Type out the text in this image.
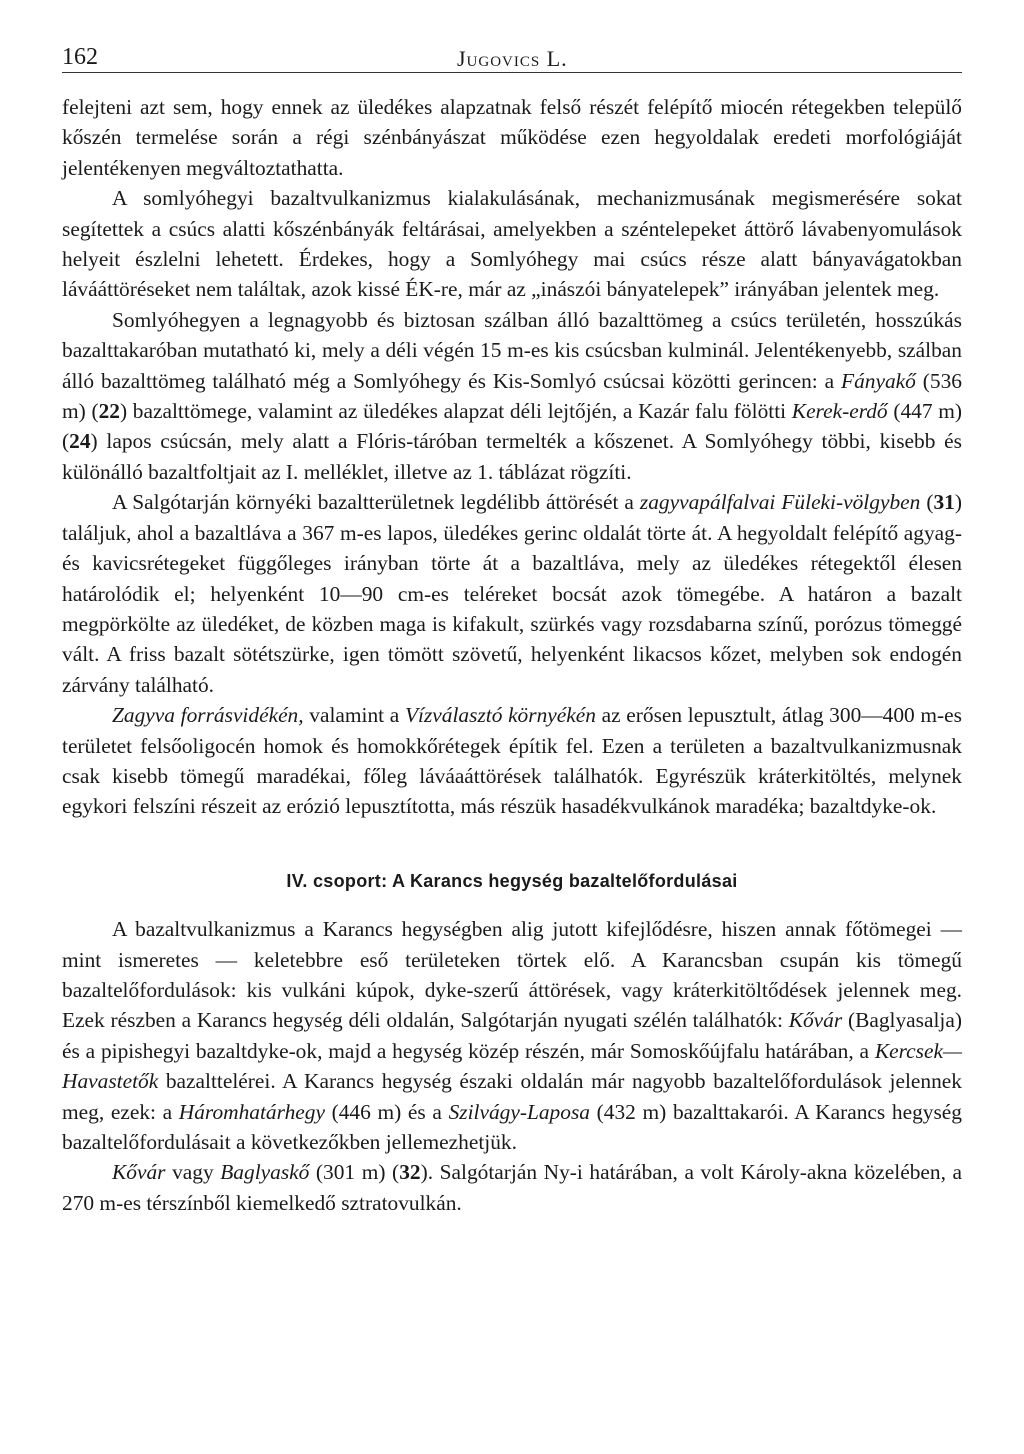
162	Jugovics L.

felejteni azt sem, hogy ennek az üledékes alapzatnak felső részét felépítő miocén rétegekben települő kőszén termelése során a régi szénbányászat működése ezen hegyoldalak eredeti morfológiáját jelentékenyen megváltoztathatta.

A somlyóhegyi bazaltvulkanizmus kialakulásának, mechanizmusának megismerésére sokat segítettek a csúcs alatti kőszénbányák feltárásai, amelyekben a széntelepeket áttörő lávabenyomulások helyeit észlelni lehetett. Érdekes, hogy a Somlyóhegy mai csúcs része alatt bányavágatokban lávááttöréseket nem találtak, azok kissé ÉK-re, már az „inászói bányatelepek” irányában jelentek meg.

Somlyóhegyen a legnagyobb és biztosan szálban álló bazalttömeg a csúcs területén, hosszúkás bazalttakaróban mutatható ki, mely a déli végén 15 m-es kis csúcsban kulminál. Jelentékenyebb, szálban álló bazalttömeg található még a Somlyóhegy és Kis-Somlyó csúcsai közötti gerincen: a Fányakő (536 m) (22) bazalttömege, valamint az üledékes alapzat déli lejtőjén, a Kazár falu fölötti Kerek-erdő (447 m) (24) lapos csúcsán, mely alatt a Flóris-táróban termelték a kőszenet. A Somlyóhegy többi, kisebb és különálló bazaltfoltjait az I. melléklet, illetve az 1. táblázat rögzíti.

A Salgótarján környéki bazaltterületnek legdélibb áttörését a zagyvapálfalvai Füleki-völgyben (31) találjuk, ahol a bazaltláva a 367 m-es lapos, üledékes gerinc oldalát törte át. A hegyoldalt felépítő agyag- és kavicsrétegeket függőleges irányban törte át a bazaltláva, mely az üledékes rétegektől élesen határolódik el; helyenként 10—90 cm-es teléreket bocsát azok tömegébe. A határon a bazalt megpörkölte az üledéket, de közben maga is kifakult, szürkés vagy rozsdabarna színű, porózus tömeggé vált. A friss bazalt sötétszürke, igen tömött szövetű, helyenként likacsos kőzet, melyben sok endogén zárvány található.

Zagyva forrásvidékén, valamint a Vízválasztó környékén az erősen lepusztult, átlag 300—400 m-es területet felsőoligocén homok és homokkőrétegek építik fel. Ezen a területen a bazaltvulkanizmusnak csak kisebb tömegű maradékai, főleg láváaáttörések találhatók. Egyrészük kráterkitöltés, melynek egykori felszíni részeit az erózió lepusztította, más részük hasadékvulkánok maradéka; bazaltdyke-ok.

IV. csoport: A Karancs hegység bazaltelőfordulásai

A bazaltvulkanizmus a Karancs hegységben alig jutott kifejlődésre, hiszen annak főtömegei — mint ismeretes — keletebbre eső területeken törtek elő. A Karancsban csupán kis tömegű bazaltelőfordulások: kis vulkáni kúpok, dyke-szerű áttörések, vagy kráterkitöltődések jelennek meg. Ezek részben a Karancs hegység déli oldalán, Salgótarján nyugati szélén találhatók: Kővár (Baglyasalja) és a pipishegyi bazaltdyke-ok, majd a hegység közép részén, már Somoskőújfalu határában, a Kercsek—Havastetők bazalttelérei. A Karancs hegység északi oldalán már nagyobb bazaltelőfordulások jelennek meg, ezek: a Háromhatárhegy (446 m) és a Szilvágy-Laposa (432 m) bazalttakarói. A Karancs hegység bazaltelőfordulásait a következőkben jellemezhetjük.

Kővár vagy Baglyaskő (301 m) (32). Salgótarján Ny-i határában, a volt Károly-akna közelében, a 270 m-es térszínből kiemelkedő sztratovulkán.
